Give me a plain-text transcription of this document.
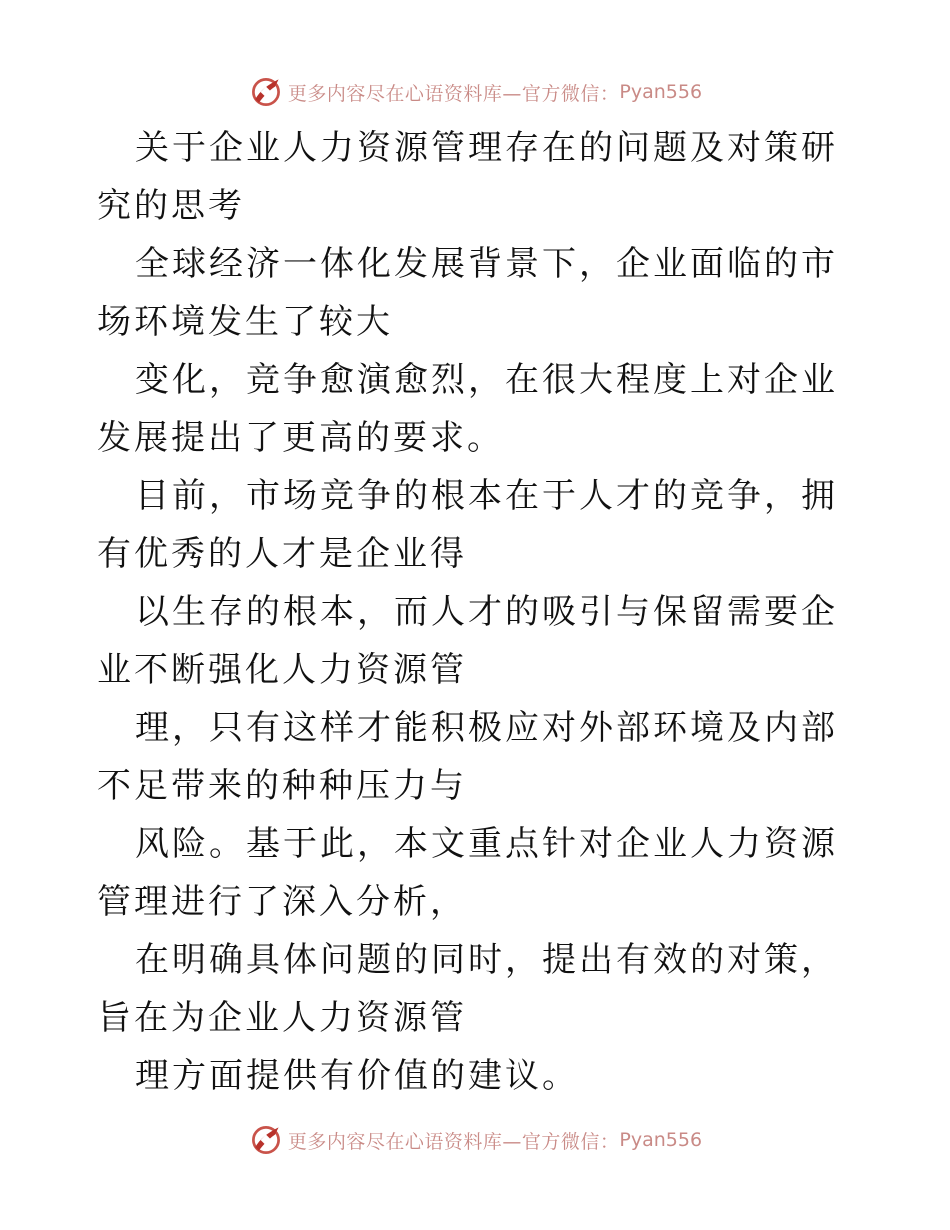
更多内容尽在心语资料库—官方微信： Pyan556

关于企业人力资源管理存在的问题及对策研究的思考

全球经济一体化发展背景下，企业面临的市场环境发生了较大

变化，竞争愈演愈烈，在很大程度上对企业发展提出了更高的要求。

目前，市场竞争的根本在于人才的竞争，拥有优秀的人才是企业得

以生存的根本，而人才的吸引与保留需要企业不断强化人力资源管

理，只有这样才能积极应对外部环境及内部不足带来的种种压力与

风险。基于此，本文重点针对企业人力资源管理进行了深入分析，

在明确具体问题的同时，提出有效的对策，旨在为企业人力资源管

理方面提供有价值的建议。

更多内容尽在心语资料库—官方微信： Pyan556
